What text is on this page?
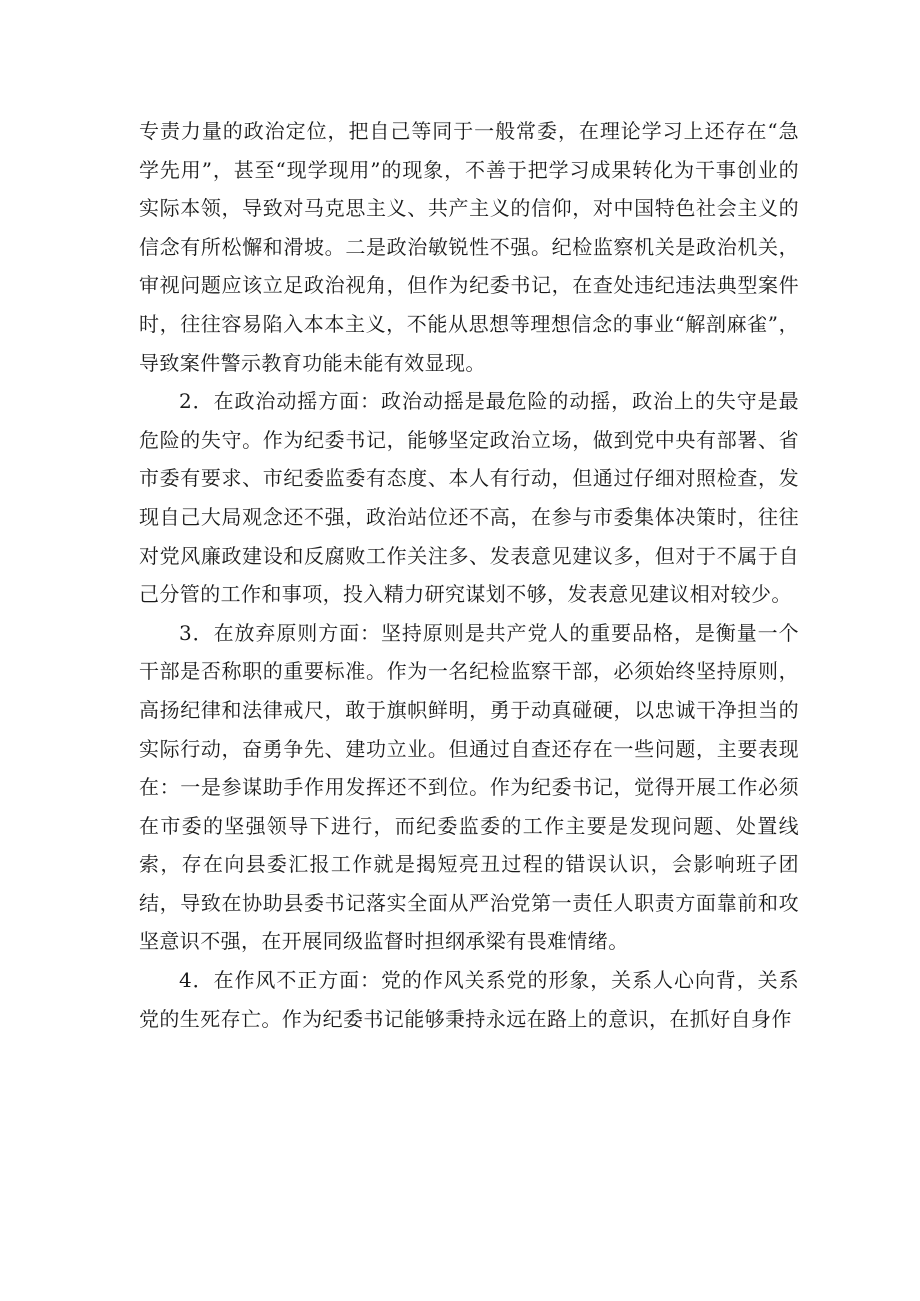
专责力量的政治定位，把自己等同于一般常委，在理论学习上还存在“急学先用”，甚至“现学现用”的现象，不善于把学习成果转化为干事创业的实际本领，导致对马克思主义、共产主义的信仰，对中国特色社会主义的信念有所松懈和滑坡。二是政治敏锐性不强。纪检监察机关是政治机关，审视问题应该立足政治视角，但作为纪委书记，在查处违纪违法典型案件时，往往容易陷入本本主义，不能从思想等理想信念的事业“解剖麻雀”，导致案件警示教育功能未能有效显现。

2．在政治动摇方面：政治动摇是最危险的动摇，政治上的失守是最危险的失守。作为纪委书记，能够坚定政治立场，做到党中央有部署、省市委有要求、市纪委监委有态度、本人有行动，但通过仔细对照检查，发现自己大局观念还不强，政治站位还不高，在参与市委集体决策时，往往对党风廉政建设和反腐败工作关注多、发表意见建议多，但对于不属于自己分管的工作和事项，投入精力研究谋划不够，发表意见建议相对较少。

3．在放弃原则方面：坚持原则是共产党人的重要品格，是衡量一个干部是否称职的重要标准。作为一名纪检监察干部，必须始终坚持原则，高扬纪律和法律戒尺，敢于旗帜鲜明，勇于动真碰硬，以忠诚干净担当的实际行动，奋勇争先、建功立业。但通过自查还存在一些问题，主要表现在：一是参谋助手作用发挥还不到位。作为纪委书记，觉得开展工作必须在市委的坚强领导下进行，而纪委监委的工作主要是发现问题、处置线索，存在向县委汇报工作就是揭短亮丑过程的错误认识，会影响班子团结，导致在协助县委书记落实全面从严治党第一责任人职责方面靠前和攻坚意识不强，在开展同级监督时担纲承梁有畏难情绪。

4．在作风不正方面：党的作风关系党的形象，关系人心向背，关系党的生死存亡。作为纪委书记能够秉持永远在路上的意识，在抓好自身作
